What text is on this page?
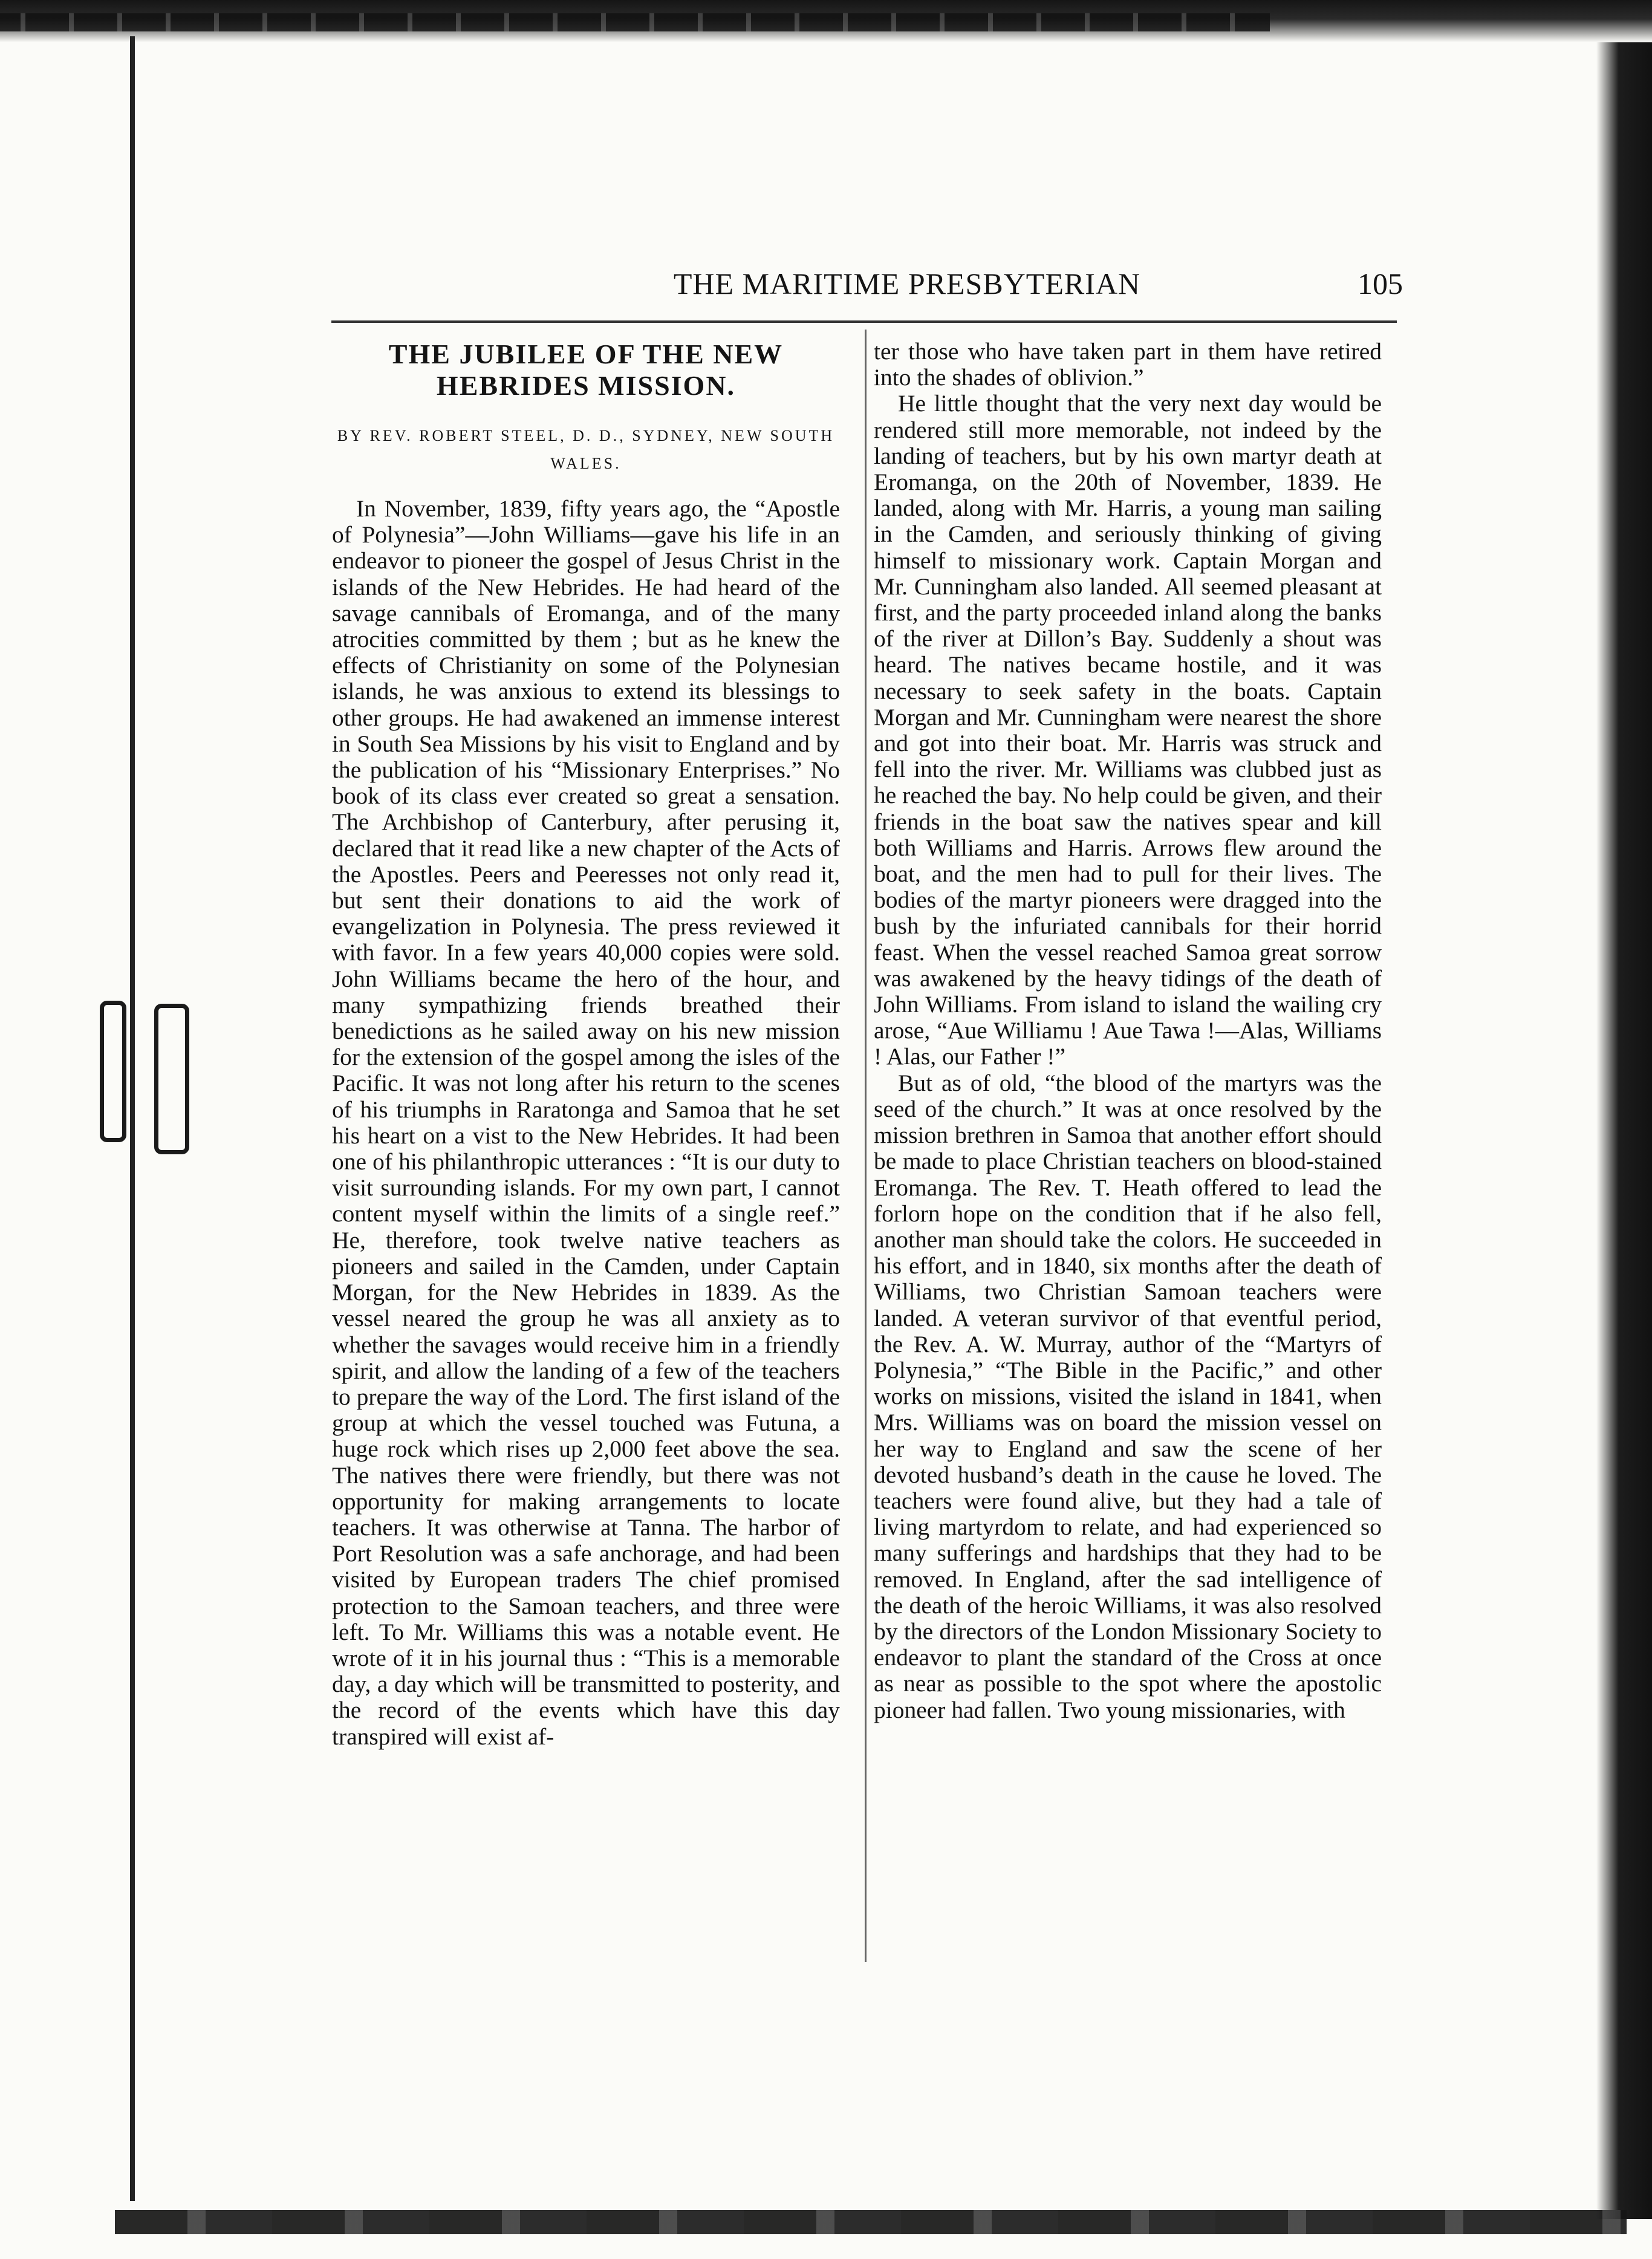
THE MARITIME PRESBYTERIAN	105
THE JUBILEE OF THE NEW HEBRIDES MISSION.
BY REV. ROBERT STEEL, D. D., SYDNEY, NEW SOUTH WALES.

In November, 1839, fifty years ago, the “Apostle of Polynesia”—John Williams—gave his life in an endeavor to pioneer the gospel of Jesus Christ in the islands of the New Hebrides. He had heard of the savage cannibals of Eromanga, and of the many atrocities committed by them ; but as he knew the effects of Christianity on some of the Polynesian islands, he was anxious to extend its blessings to other groups. He had awakened an immense interest in South Sea Missions by his visit to England and by the publication of his “Missionary Enterprises.” No book of its class ever created so great a sensation. The Archbishop of Canterbury, after perusing it, declared that it read like a new chapter of the Acts of the Apostles. Peers and Peeresses not only read it, but sent their donations to aid the work of evangelization in Polynesia. The press reviewed it with favor. In a few years 40,000 copies were sold. John Williams became the hero of the hour, and many sympathizing friends breathed their benedictions as he sailed away on his new mission for the extension of the gospel among the isles of the Pacific. It was not long after his return to the scenes of his triumphs in Raratonga and Samoa that he set his heart on a vist to the New Hebrides. It had been one of his philanthropic utterances : “It is our duty to visit surrounding islands. For my own part, I cannot content myself within the limits of a single reef.” He, therefore, took twelve native teachers as pioneers and sailed in the Camden, under Captain Morgan, for the New Hebrides in 1839. As the vessel neared the group he was all anxiety as to whether the savages would receive him in a friendly spirit, and allow the landing of a few of the teachers to prepare the way of the Lord. The first island of the group at which the vessel touched was Futuna, a huge rock which rises up 2,000 feet above the sea. The natives there were friendly, but there was not opportunity for making arrangements to locate teachers. It was otherwise at Tanna. The harbor of Port Resolution was a safe anchorage, and had been visited by European traders The chief promised protection to the Samoan teachers, and three were left. To Mr. Williams this was a notable event. He wrote of it in his journal thus : “This is a memorable day, a day which will be transmitted to posterity, and the record of the events which have this day transpired will exist af-

ter those who have taken part in them have retired into the shades of oblivion.”

He little thought that the very next day would be rendered still more memorable, not indeed by the landing of teachers, but by his own martyr death at Eromanga, on the 20th of November, 1839. He landed, along with Mr. Harris, a young man sailing in the Camden, and seriously thinking of giving himself to missionary work. Captain Morgan and Mr. Cunningham also landed. All seemed pleasant at first, and the party proceeded inland along the banks of the river at Dillon’s Bay. Suddenly a shout was heard. The natives became hostile, and it was necessary to seek safety in the boats. Captain Morgan and Mr. Cunningham were nearest the shore and got into their boat. Mr. Harris was struck and fell into the river. Mr. Williams was clubbed just as he reached the bay. No help could be given, and their friends in the boat saw the natives spear and kill both Williams and Harris. Arrows flew around the boat, and the men had to pull for their lives. The bodies of the martyr pioneers were dragged into the bush by the infuriated cannibals for their horrid feast. When the vessel reached Samoa great sorrow was awakened by the heavy tidings of the death of John Williams. From island to island the wailing cry arose, “Aue Williamu ! Aue Tawa !—Alas, Williams ! Alas, our Father !”

But as of old, “the blood of the martyrs was the seed of the church.” It was at once resolved by the mission brethren in Samoa that another effort should be made to place Christian teachers on blood-stained Eromanga. The Rev. T. Heath offered to lead the forlorn hope on the condition that if he also fell, another man should take the colors. He succeeded in his effort, and in 1840, six months after the death of Williams, two Christian Samoan teachers were landed. A veteran survivor of that eventful period, the Rev. A. W. Murray, author of the “Martyrs of Polynesia,” “The Bible in the Pacific,” and other works on missions, visited the island in 1841, when Mrs. Williams was on board the mission vessel on her way to England and saw the scene of her devoted husband’s death in the cause he loved. The teachers were found alive, but they had a tale of living martyrdom to relate, and had experienced so many sufferings and hardships that they had to be removed. In England, after the sad intelligence of the death of the heroic Williams, it was also resolved by the directors of the London Missionary Society to endeavor to plant the standard of the Cross at once as near as possible to the spot where the apostolic pioneer had fallen. Two young missionaries, with
